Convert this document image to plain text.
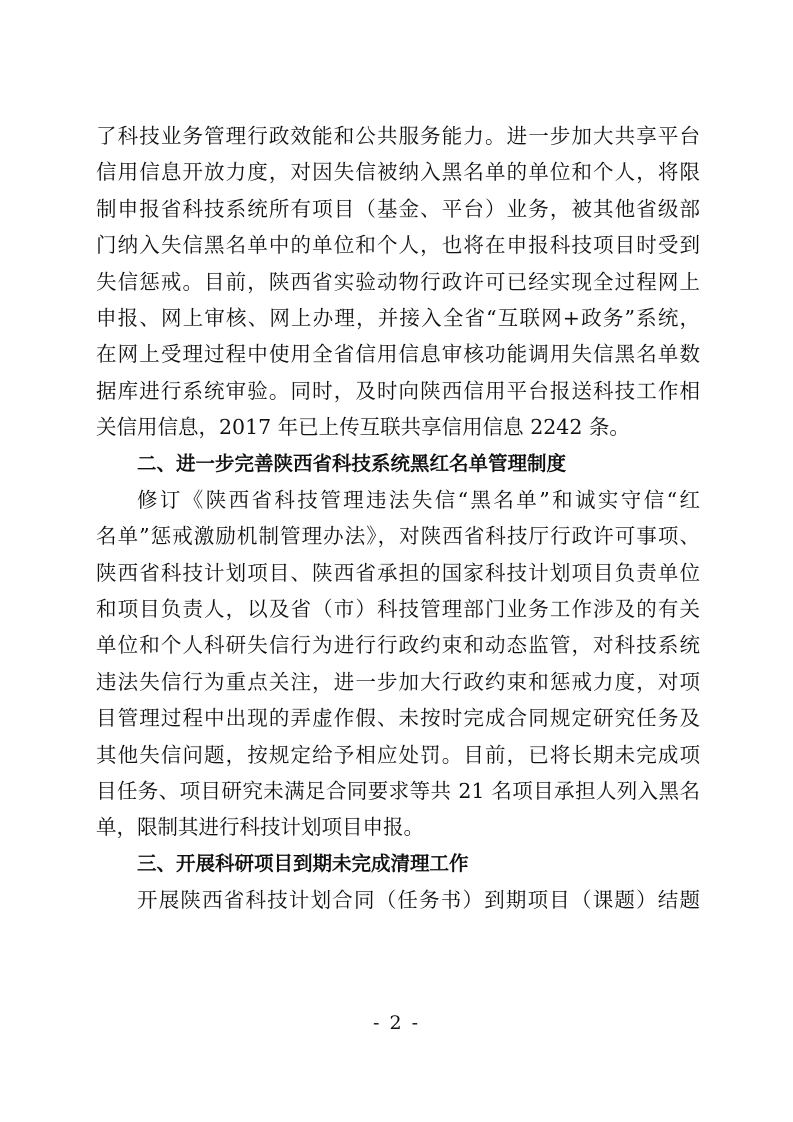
了科技业务管理行政效能和公共服务能力。进一步加大共享平台
信用信息开放力度，对因失信被纳入黑名单的单位和个人，将限
制申报省科技系统所有项目（基金、平台）业务，被其他省级部
门纳入失信黑名单中的单位和个人，也将在申报科技项目时受到
失信惩戒。目前，陕西省实验动物行政许可已经实现全过程网上
申报、网上审核、网上办理，并接入全省“互联网+政务”系统，
在网上受理过程中使用全省信用信息审核功能调用失信黑名单数
据库进行系统审验。同时，及时向陕西信用平台报送科技工作相
关信用信息，2017 年已上传互联共享信用信息 2242 条。
二、进一步完善陕西省科技系统黑红名单管理制度
修订《陕西省科技管理违法失信“黑名单”和诚实守信“红
名单”惩戒激励机制管理办法》，对陕西省科技厅行政许可事项、
陕西省科技计划项目、陕西省承担的国家科技计划项目负责单位
和项目负责人，以及省（市）科技管理部门业务工作涉及的有关
单位和个人科研失信行为进行行政约束和动态监管，对科技系统
违法失信行为重点关注，进一步加大行政约束和惩戒力度，对项
目管理过程中出现的弄虚作假、未按时完成合同规定研究任务及
其他失信问题，按规定给予相应处罚。目前，已将长期未完成项
目任务、项目研究未满足合同要求等共 21 名项目承担人列入黑名
单，限制其进行科技计划项目申报。
三、开展科研项目到期未完成清理工作
开展陕西省科技计划合同（任务书）到期项目（课题）结题
- 2 -
